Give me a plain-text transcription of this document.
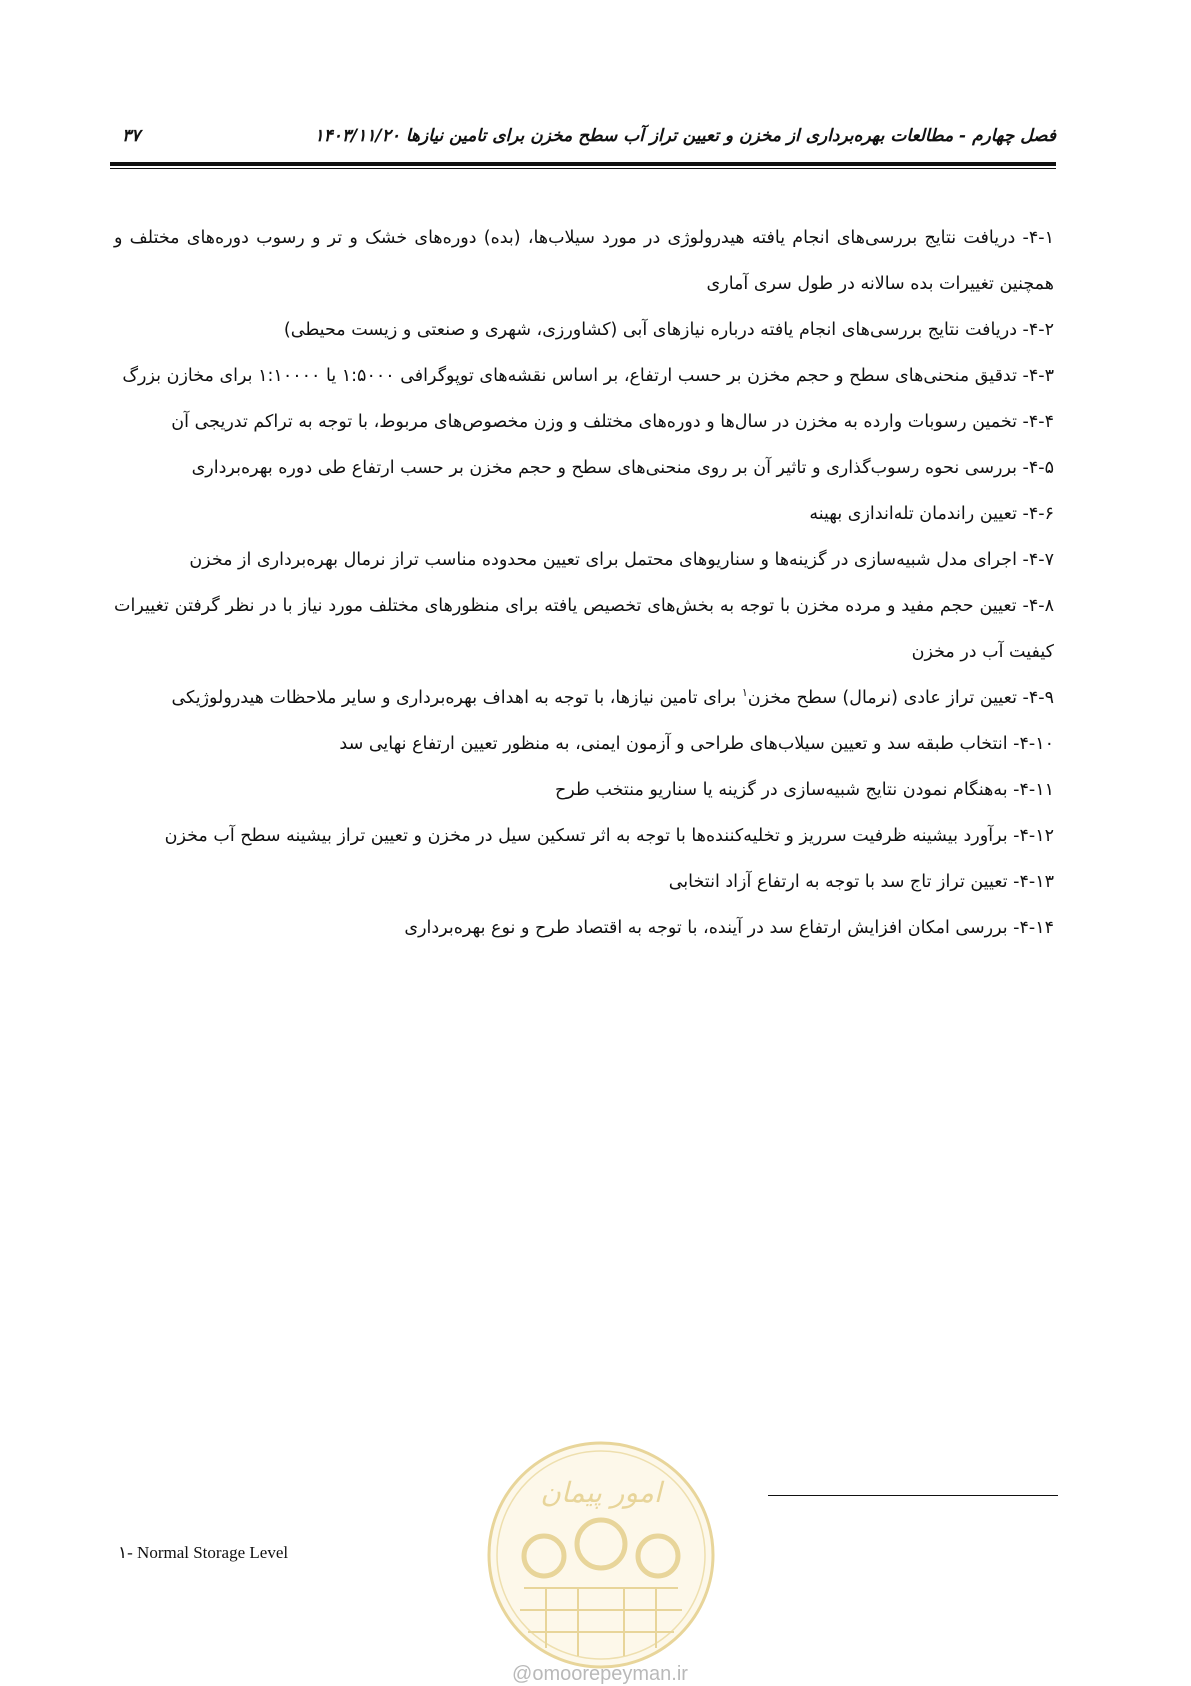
فصل چهارم - مطالعات بهره‌برداری از مخزن و تعیین تراز آب سطح مخزن برای تامین نیازها ۱۴۰۳/۱۱/۲۰
۳۷

۴-۱- دریافت نتایج بررسی‌های انجام یافته هیدرولوژی در مورد سیلاب‌ها، (بده) دوره‌های خشک و تر و رسوب دوره‌های مختلف و همچنین تغییرات بده سالانه در طول سری آماری

۴-۲- دریافت نتایج بررسی‌های انجام یافته درباره نیازهای آبی (کشاورزی، شهری و صنعتی و زیست محیطی)

۴-۳- تدقیق منحنی‌های سطح و حجم مخزن بر حسب ارتفاع، بر اساس نقشه‌های توپوگرافی ۱:۵۰۰۰ یا ۱:۱۰۰۰۰ برای مخازن بزرگ

۴-۴- تخمین رسوبات وارده به مخزن در سال‌ها و دوره‌های مختلف و وزن مخصوص‌های مربوط، با توجه به تراکم تدریجی آن

۴-۵- بررسی نحوه رسوب‌گذاری و تاثیر آن بر روی منحنی‌های سطح و حجم مخزن بر حسب ارتفاع طی دوره بهره‌برداری

۴-۶- تعیین راندمان تله‌اندازی بهینه

۴-۷- اجرای مدل شبیه‌سازی در گزینه‌ها و سناریوهای محتمل برای تعیین محدوده مناسب تراز نرمال بهره‌برداری از مخزن

۴-۸- تعیین حجم مفید و مرده مخزن با توجه به بخش‌های تخصیص یافته برای منظورهای مختلف مورد نیاز با در نظر گرفتن تغییرات کیفیت آب در مخزن

۴-۹- تعیین تراز عادی (نرمال) سطح مخزن$^۱$ برای تامین نیازها، با توجه به اهداف بهره‌برداری و سایر ملاحظات هیدرولوژیکی

۴-۱۰- انتخاب طبقه سد و تعیین سیلاب‌های طراحی و آزمون ایمنی، به منظور تعیین ارتفاع نهایی سد

۴-۱۱- به‌هنگام نمودن نتایج شبیه‌سازی در گزینه یا سناریو منتخب طرح

۴-۱۲- برآورد بیشینه ظرفیت سرریز و تخلیه‌کننده‌ها با توجه به اثر تسکین سیل در مخزن و تعیین تراز بیشینه سطح آب مخزن

۴-۱۳- تعیین تراز تاج سد با توجه به ارتفاع آزاد انتخابی

۴-۱۴- بررسی امکان افزایش ارتفاع سد در آینده، با توجه به اقتصاد طرح و نوع بهره‌برداری

۱- Normal Storage Level
امور پیمان
@omoorepeyman.ir
